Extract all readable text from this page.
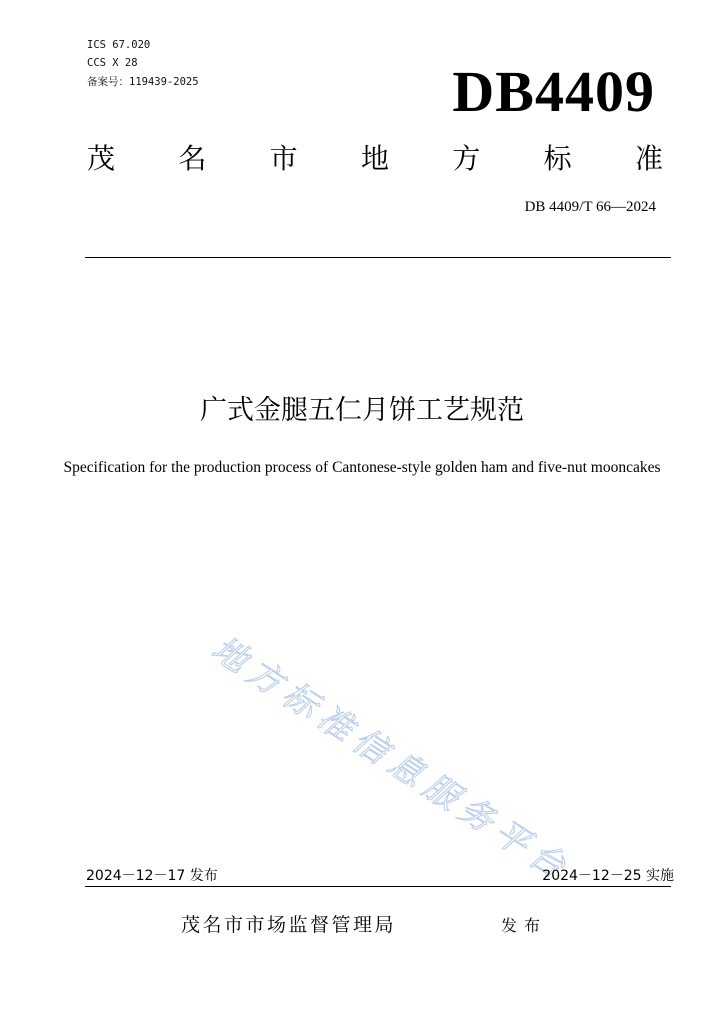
ICS 67.020
CCS X 28
备案号：119439-2025	DB4409
茂 名 市 地 方 标 准
DB 4409/T 66—2024
广式金腿五仁月饼工艺规范
Specification for the production process of Cantonese-style golden ham and five-nut mooncakes
地方标准信息服务平台
2024－12－17 发布	2024－12－25 实施
茂名市市场监督管理局	发布
